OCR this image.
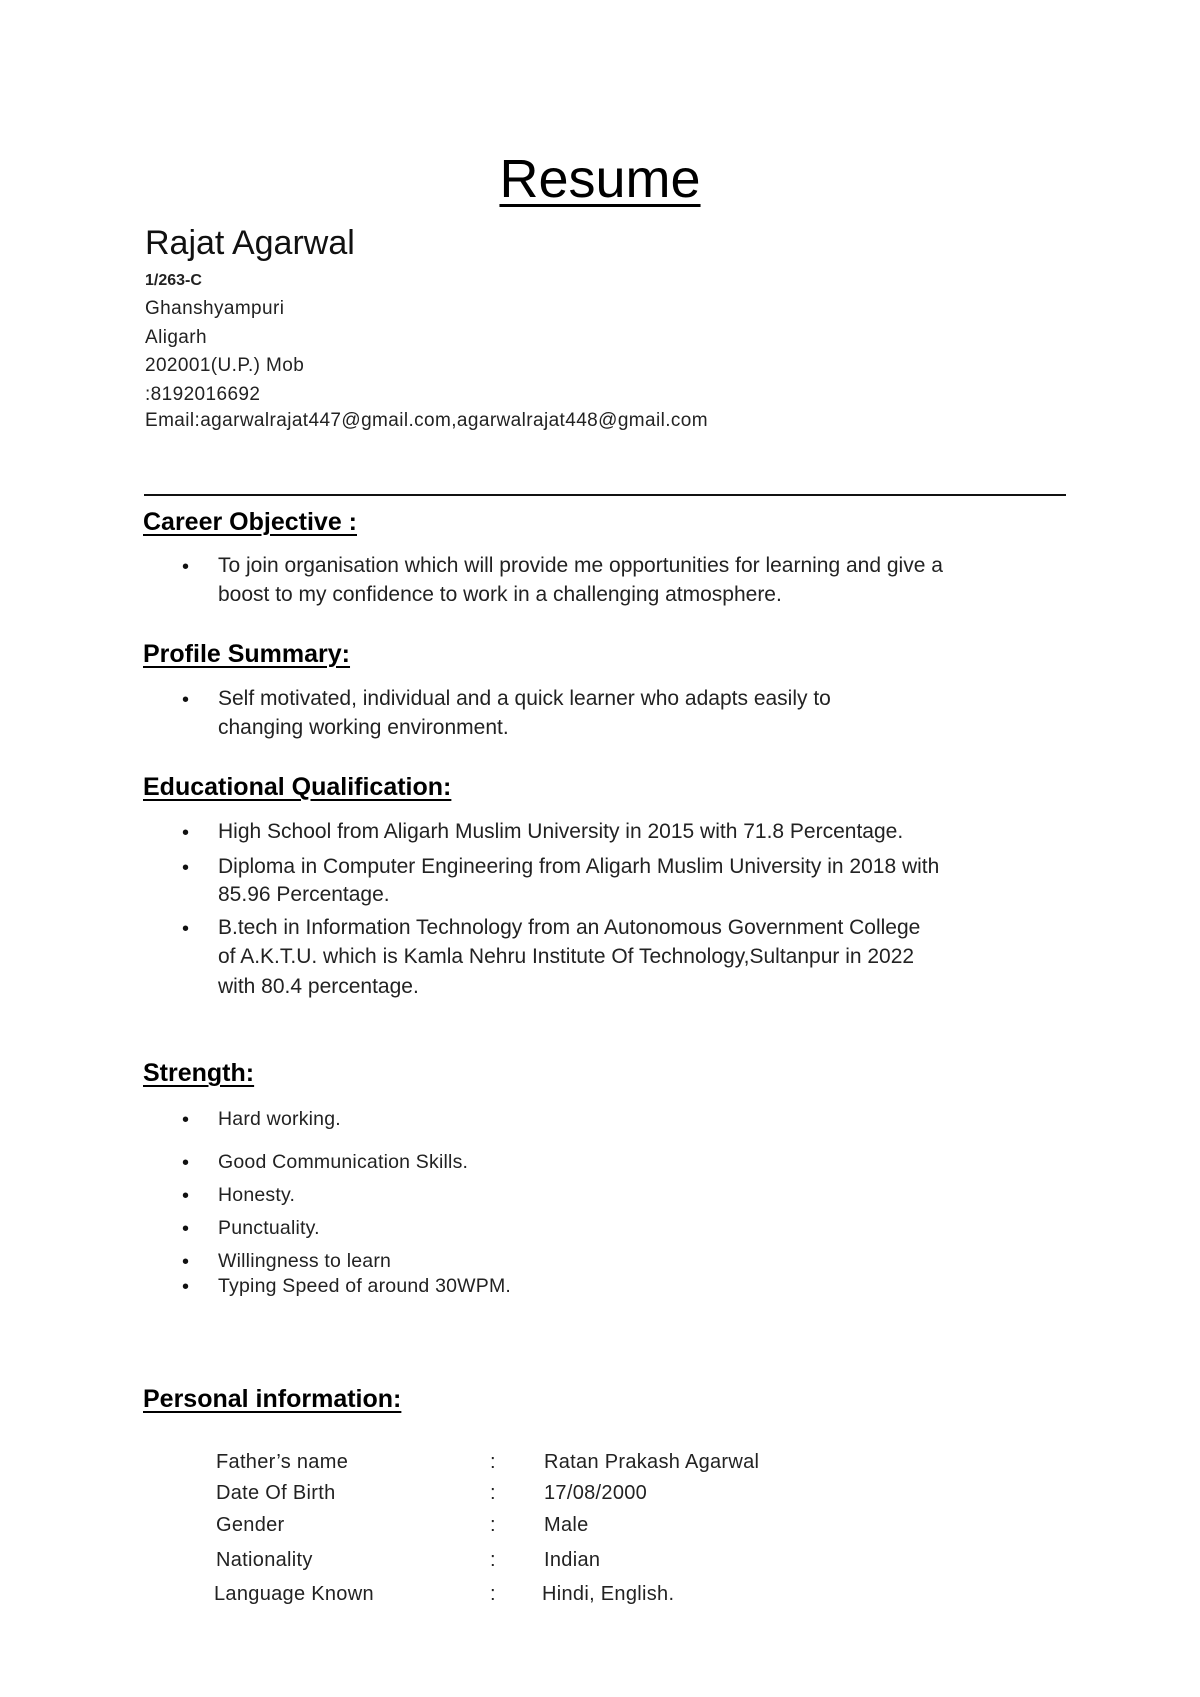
Resume
Rajat Agarwal
1/263-C
Ghanshyampuri
Aligarh
202001(U.P.) Mob
:8192016692
Email:agarwalrajat447@gmail.com,agarwalrajat448@gmail.com
Career Objective :
• To join organisation which will provide me opportunities for learning and give a
boost to my confidence to work in a challenging atmosphere.
Profile Summary:
• Self motivated, individual and a quick learner who adapts easily to
changing working environment.
Educational Qualification:
• High School from Aligarh Muslim University in 2015 with 71.8 Percentage.
• Diploma in Computer Engineering from Aligarh Muslim University in 2018 with
85.96 Percentage.
• B.tech in Information Technology from an Autonomous Government College
of A.K.T.U. which is Kamla Nehru Institute Of Technology,Sultanpur in 2022
with 80.4 percentage.
Strength:
• Hard working.
• Good Communication Skills.
• Honesty.
• Punctuality.
• Willingness to learn
• Typing Speed of around 30WPM.
Personal information:
Father’s name	: Ratan Prakash Agarwal
Date Of Birth	: 17/08/2000
Gender	: Male
Nationality	: Indian
Language Known	: Hindi, English.
